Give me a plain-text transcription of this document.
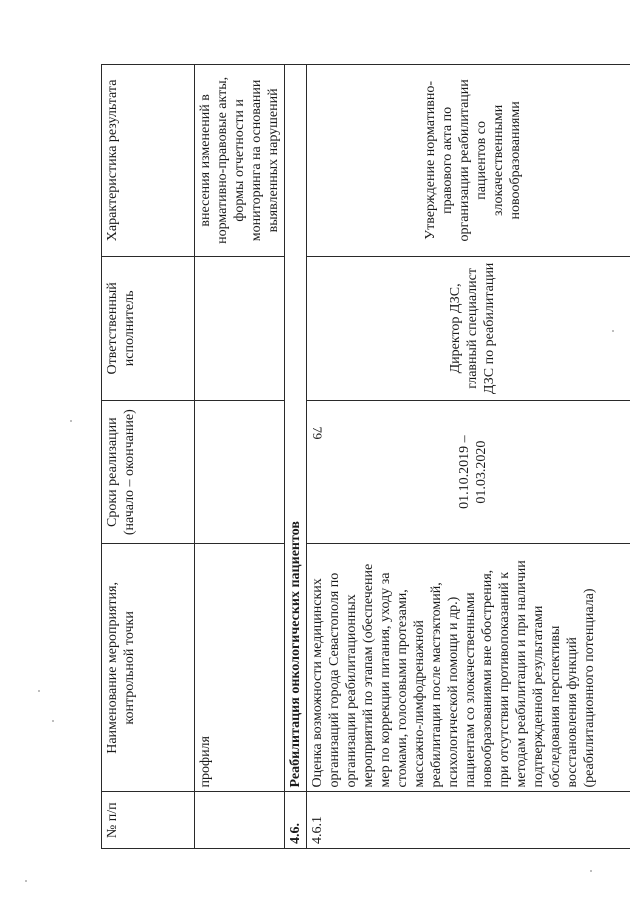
79
№ п/п	Наименование мероприятия, контрольной точки	Сроки реализации (начало – окончание)	Ответственный исполнитель	Характеристика результата
	профиля			внесения изменений в нормативно-правовые акты, формы отчетности и мониторинга на основании выявленных нарушений
4.6.	Реабилитация онкологических пациентов			
4.6.1	Оценка возможности медицинских организаций города Севастополя по организации реабилитационных мероприятий по этапам (обеспечение мер по коррекции питания, уходу за стомами, голосовыми протезами, массажно-лимфодренажной реабилитации после мастэктомий, психологической помощи и др.) пациентам со злокачественными новообразованиями вне обострения, при отсутствии противопоказаний к методам реабилитации и при наличии подтвержденной результатами обследования перспективы восстановления функций (реабилитационного потенциала)	01.10.2019 – 01.03.2020	Директор ДЗС, главный специалист ДЗС по реабилитации	Утверждение нормативно-правового акта по организации реабилитации пациентов со злокачественными новообразованиями
